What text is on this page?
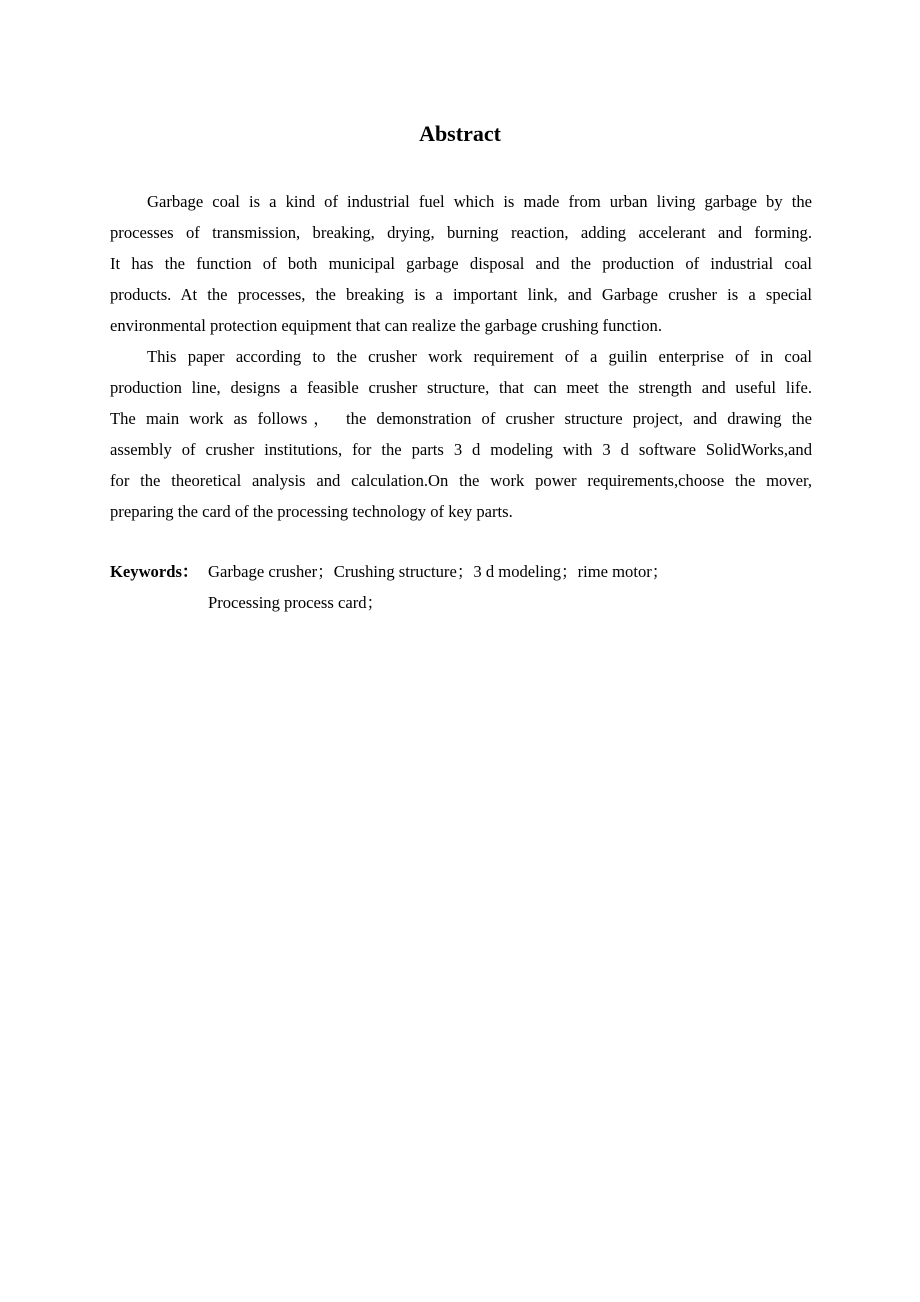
Abstract

Garbage coal is a kind of industrial fuel which is made from urban living garbage by the
processes of transmission, breaking, drying, burning reaction, adding accelerant and forming.
It has the function of both municipal garbage disposal and the production of industrial coal
products. At the processes, the breaking is a important link, and Garbage crusher is a special
environmental protection equipment that can realize the garbage crushing function.

This paper according to the crusher work requirement of a guilin enterprise of in coal
production line, designs a feasible crusher structure, that can meet the strength and useful life.
The main work as follows， the demonstration of crusher structure project, and drawing the
assembly of crusher institutions, for the parts 3 d modeling with 3 d software SolidWorks,and
for the theoretical analysis and calculation.On the work power requirements,choose the mover,
preparing the card of the processing technology of key parts.

Keywords： Garbage crusher；Crushing structure；3 d modeling；rime motor；
Processing process card；
